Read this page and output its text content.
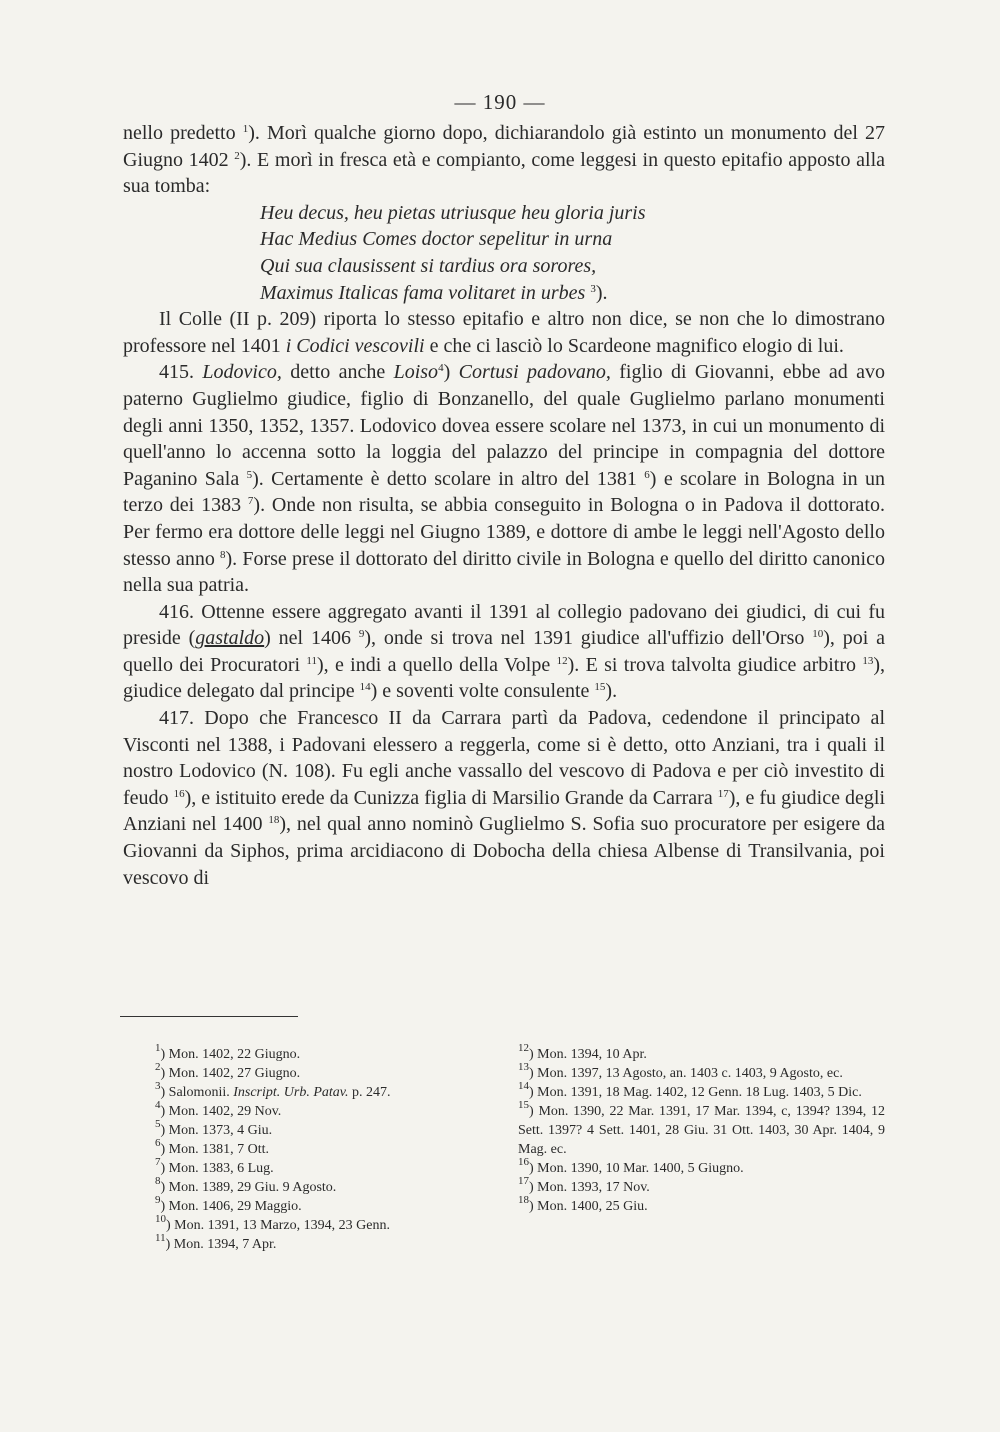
— 190 —

nello predetto $^1$). Morì qualche giorno dopo, dichiarandolo già estinto un monumento del 27 Giugno 1402 $^2$). E morì in fresca età e compianto, come leggesi in questo epitafio apposto alla sua tomba:

Heu decus, heu pietas utriusque heu gloria juris
Hac Medius Comes doctor sepelitur in urna
Qui sua clausissent si tardius ora sorores,
Maximus Italicas fama volitaret in urbes $^3$).

Il Colle (II p. 209) riporta lo stesso epitafio e altro non dice, se non che lo dimostrano professore nel 1401 i Codici vescovili e che ci lasciò lo Scardeone magnifico elogio di lui.

415. Lodovico, detto anche Loiso$^4$) Cortusi padovano, figlio di Giovanni, ebbe ad avo paterno Guglielmo giudice, figlio di Bonzanello, del quale Guglielmo parlano monumenti degli anni 1350, 1352, 1357. Lodovico dovea essere scolare nel 1373, in cui un monumento di quell'anno lo accenna sotto la loggia del palazzo del principe in compagnia del dottore Paganino Sala $^5$). Certamente è detto scolare in altro del 1381 $^6$) e scolare in Bologna in un terzo dei 1383 $^7$). Onde non risulta, se abbia conseguito in Bologna o in Padova il dottorato. Per fermo era dottore delle leggi nel Giugno 1389, e dottore di ambe le leggi nell'Agosto dello stesso anno $^8$). Forse prese il dottorato del diritto civile in Bologna e quello del diritto canonico nella sua patria.

416. Ottenne essere aggregato avanti il 1391 al collegio padovano dei giudici, di cui fu preside (gastaldo) nel 1406 $^9$), onde si trova nel 1391 giudice all'uffizio dell'Orso $^{10}$), poi a quello dei Procuratori $^{11}$), e indi a quello della Volpe $^{12}$). E si trova talvolta giudice arbitro $^{13}$), giudice delegato dal principe $^{14}$) e soventi volte consulente $^{15}$).

417. Dopo che Francesco II da Carrara partì da Padova, cedendone il principato al Visconti nel 1388, i Padovani elessero a reggerla, come si è detto, otto Anziani, tra i quali il nostro Lodovico (N. 108). Fu egli anche vassallo del vescovo di Padova e per ciò investito di feudo $^{16}$), e istituito erede da Cunizza figlia di Marsilio Grande da Carrara $^{17}$), e fu giudice degli Anziani nel 1400 $^{18}$), nel qual anno nominò Guglielmo S. Sofia suo procuratore per esigere da Giovanni da Siphos, prima arcidiacono di Dobocha della chiesa Albense di Transilvania, poi vescovo di

$^1$) Mon. 1402, 22 Giugno.
$^2$) Mon. 1402, 27 Giugno.
$^3$) Salomonii. Inscript. Urb. Patav. p. 247.
$^4$) Mon. 1402, 29 Nov.
$^5$) Mon. 1373, 4 Giu.
$^6$) Mon. 1381, 7 Ott.
$^7$) Mon. 1383, 6 Lug.
$^8$) Mon. 1389, 29 Giu. 9 Agosto.
$^9$) Mon. 1406, 29 Maggio.
$^{10}$) Mon. 1391, 13 Marzo, 1394, 23 Genn.
$^{11}$) Mon. 1394, 7 Apr.
$^{12}$) Mon. 1394, 10 Apr.
$^{13}$) Mon. 1397, 13 Agosto, an. 1403 c. 1403, 9 Agosto, ec.
$^{14}$) Mon. 1391, 18 Mag. 1402, 12 Genn. 18 Lug. 1403, 5 Dic.
$^{15}$) Mon. 1390, 22 Mar. 1391, 17 Mar. 1394, c, 1394? 1394, 12 Sett. 1397? 4 Sett. 1401, 28 Giu. 31 Ott. 1403, 30 Apr. 1404, 9 Mag. ec.
$^{16}$) Mon. 1390, 10 Mar. 1400, 5 Giugno.
$^{17}$) Mon. 1393, 17 Nov.
$^{18}$) Mon. 1400, 25 Giu.
